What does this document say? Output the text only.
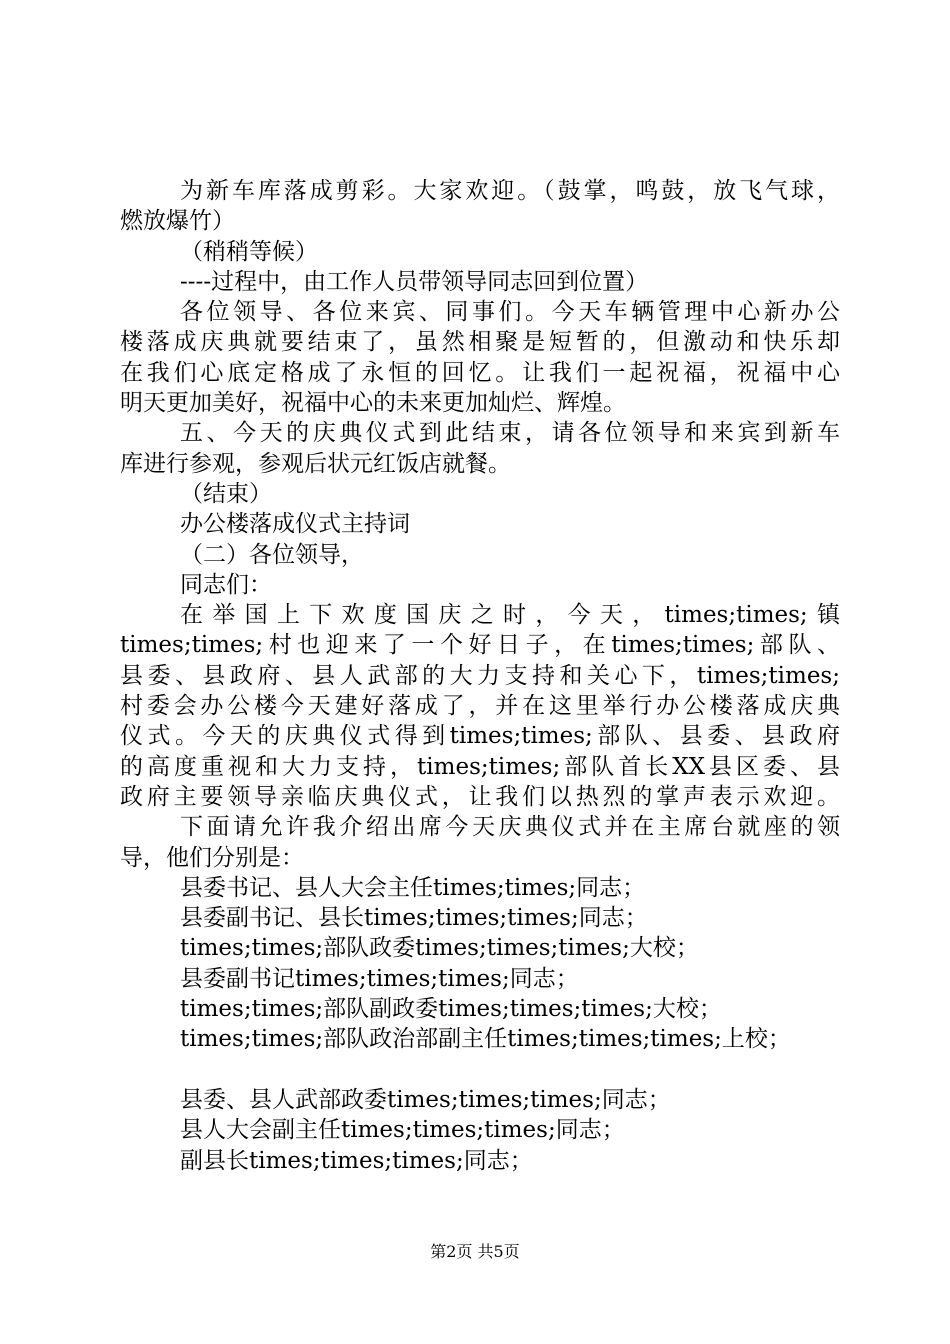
为新车库落成剪彩。大家欢迎。（鼓掌，鸣鼓，放飞气球，
燃放爆竹）
（稍稍等候）
----过程中，由工作人员带领导同志回到位置）
各位领导、各位来宾、同事们。今天车辆管理中心新办公
楼落成庆典就要结束了，虽然相聚是短暂的，但激动和快乐却
在我们心底定格成了永恒的回忆。让我们一起祝福，祝福中心
明天更加美好，祝福中心的未来更加灿烂、辉煌。
五、今天的庆典仪式到此结束，请各位领导和来宾到新车
库进行参观，参观后状元红饭店就餐。
（结束）
办公楼落成仪式主持词
（二）各位领导，
同志们：
在举国上下欢度国庆之时，今天，times;times;镇
times;times;村也迎来了一个好日子，在times;times;部队、
县委、县政府、县人武部的大力支持和关心下，times;times;
村委会办公楼今天建好落成了，并在这里举行办公楼落成庆典
仪式。今天的庆典仪式得到times;times;部队、县委、县政府
的高度重视和大力支持，times;times;部队首长XX县区委、县
政府主要领导亲临庆典仪式，让我们以热烈的掌声表示欢迎。
下面请允许我介绍出席今天庆典仪式并在主席台就座的领
导，他们分别是：
县委书记、县人大会主任times;times;同志；
县委副书记、县长times;times;times;同志；
times;times;部队政委times;times;times;大校；
县委副书记times;times;times;同志；
times;times;部队副政委times;times;times;大校；
times;times;部队政治部副主任times;times;times;上校；
县委、县人武部政委times;times;times;同志；
县人大会副主任times;times;times;同志；
副县长times;times;times;同志；
第2页 共5页
